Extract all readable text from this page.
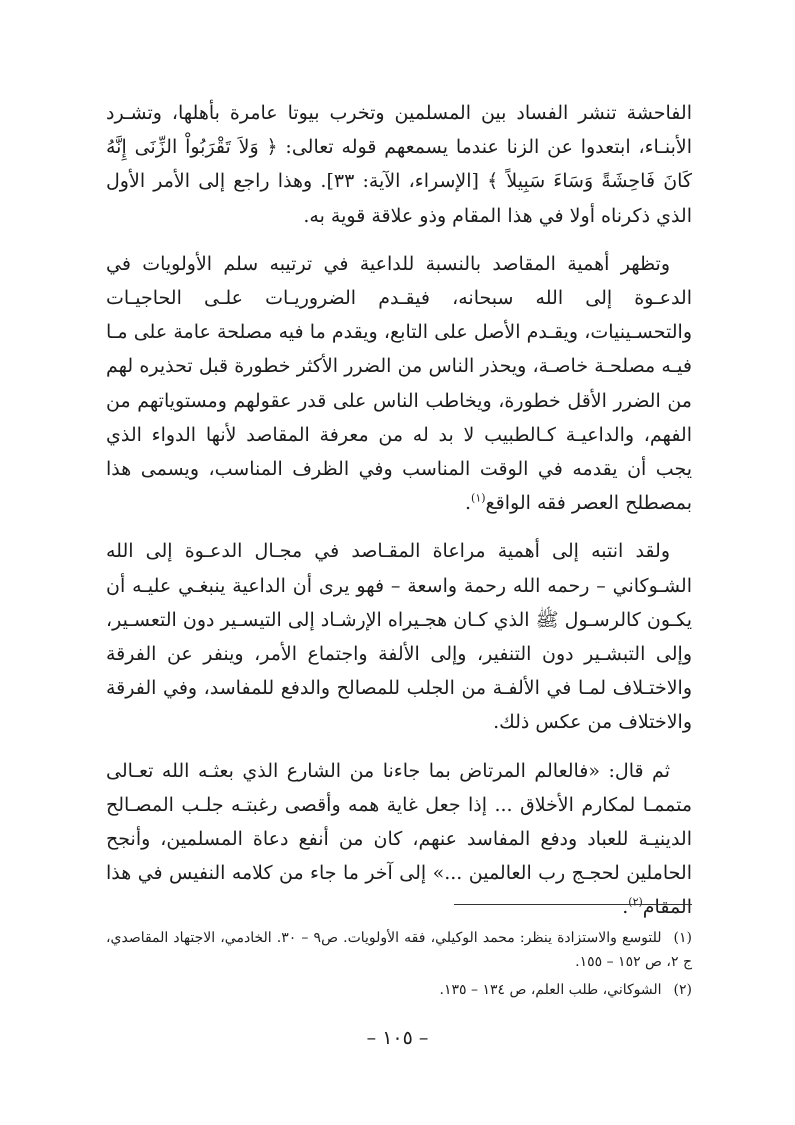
الفاحشة تنشر الفساد بين المسلمين وتخرب بيوتا عامرة بأهلها، وتشـرد الأبنـاء، ابتعدوا عن الزنا عندما يسمعهم قوله تعالى: ﴿ وَلاَ تَقْرَبُواْ الزِّنَى إِنَّهُ كَانَ فَاحِشَةً وَسَاءَ سَبِيلاً ﴾ [الإسراء، الآية: ٣٣]. وهذا راجع إلى الأمر الأول الذي ذكرناه أولا في هذا المقام وذو علاقة قوية به.

وتظهر أهمية المقاصد بالنسبة للداعية في ترتيبه سلم الأولويات في الدعـوة إلى الله سبحانه، فيقـدم الضروريـات علـى الحاجيـات والتحسـينيات، ويقـدم الأصل على التابع، ويقدم ما فيه مصلحة عامة على مـا فيـه مصلحـة خاصـة، ويحذر الناس من الضرر الأكثر خطورة قبل تحذيره لهم من الضرر الأقل خطورة، ويخاطب الناس على قدر عقولهم ومستوياتهم من الفهم، والداعيـة كـالطبيب لا بد له من معرفة المقاصد لأنها الدواء الذي يجب أن يقدمه في الوقت المناسب وفي الظرف المناسب، ويسمى هذا بمصطلح العصر فقه الواقع$^{(١)}$.

ولقد انتبه إلى أهمية مراعاة المقـاصد في مجـال الدعـوة إلى الله الشـوكاني – رحمه الله رحمة واسعة – فهو يرى أن الداعية ينبغـي عليـه أن يكـون كالرسـول ﷺ الذي كـان هجـيراه الإرشـاد إلى التيسـير دون التعسـير، وإلى التبشـير دون التنفير، وإلى الألفة واجتماع الأمر، وينفر عن الفرقة والاختـلاف لمـا في الألفـة من الجلب للمصالح والدفع للمفاسد، وفي الفرقة والاختلاف من عكس ذلك.

ثم قال: «فالعالم المرتاض بما جاءنا من الشارع الذي بعثـه الله تعـالى متممـا لمكارم الأخلاق ... إذا جعل غاية همه وأقصى رغبتـه جلـب المصـالح الدينيـة للعباد ودفع المفاسد عنهم، كان من أنفع دعاة المسلمين، وأنجح الحاملين لحجـج رب العالمين ...» إلى آخر ما جاء من كلامه النفيس في هذا المقام$^{(٢)}$.

(١)للتوسع والاستزادة ينظر: محمد الوكيلي، فقه الأولويات. ص٩ – ٣٠. الخادمي، الاجتهاد المقاصدي، ج ٢، ص ١٥٢ – ١٥٥.

(٢)الشوكاني، طلب العلم، ص ١٣٤ – ١٣٥.

– ١٠٥ –
